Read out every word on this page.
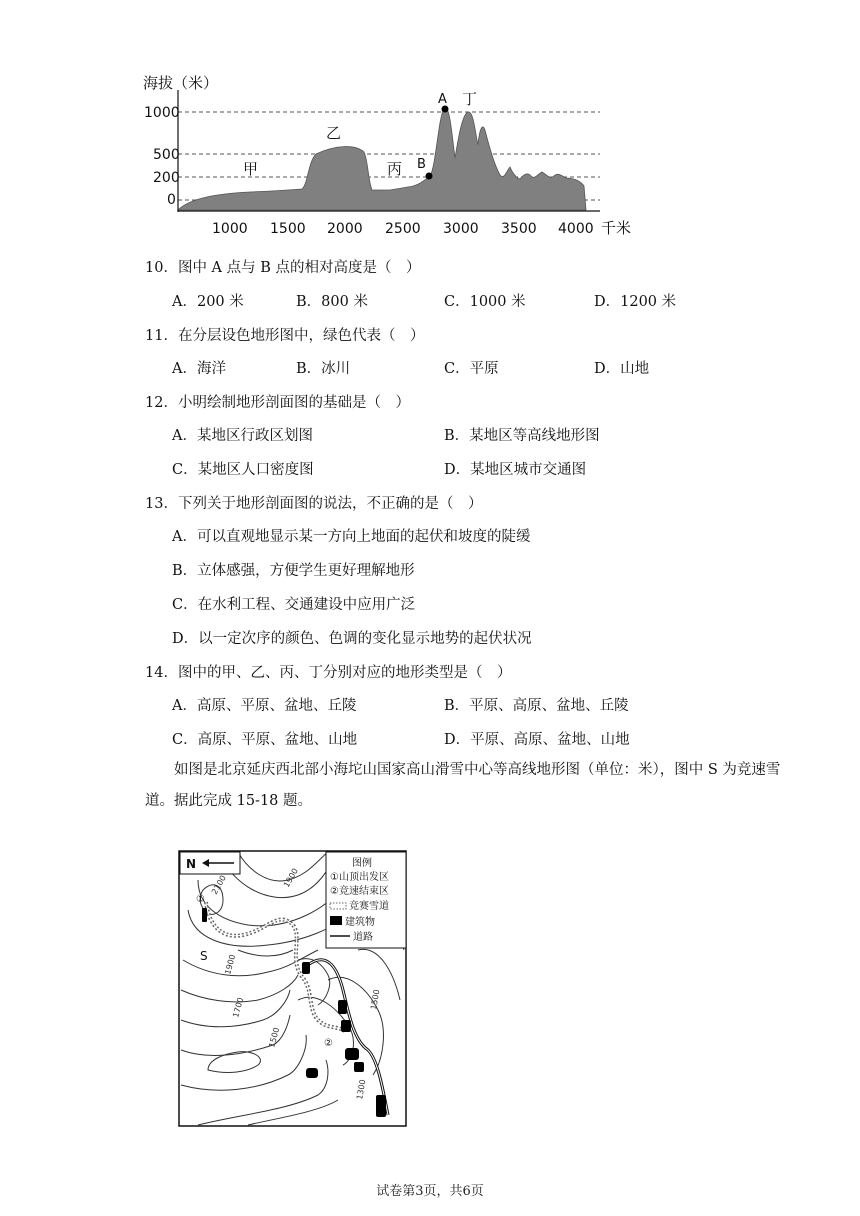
海拔（米）
1000
500
200
0
A
B
甲
乙
丙
丁
1000 1500 2000 2500 3000 3500 4000 千米
10．图中 A 点与 B 点的相对高度是（　）
A．200 米	B．800 米	C．1000 米	D．1200 米
11．在分层设色地形图中，绿色代表（　）
A．海洋	B．冰川	C．平原	D．山地
12．小明绘制地形剖面图的基础是（　）
A．某地区行政区划图	B．某地区等高线地形图
C．某地区人口密度图	D．某地区城市交通图
13．下列关于地形剖面图的说法，不正确的是（　）
A．可以直观地显示某一方向上地面的起伏和坡度的陡缓
B．立体感强，方便学生更好理解地形
C．在水利工程、交通建设中应用广泛
D．以一定次序的颜色、色调的变化显示地势的起伏状况
14．图中的甲、乙、丙、丁分别对应的地形类型是（　）
A．高原、平原、盆地、丘陵	B．平原、高原、盆地、丘陵
C．高原、平原、盆地、山地	D．平原、高原、盆地、山地
如图是北京延庆西北部小海坨山国家高山滑雪中心等高线地形图（单位：米），图中 S 为竞速雪道。据此完成 15-18 题。
①
②
S
2100	1900
1900
1700
1500
1500
1300
N	图例
①山顶出发区
②竞速结束区
竞赛雪道
建筑物
道路
试卷第3页，共6页
